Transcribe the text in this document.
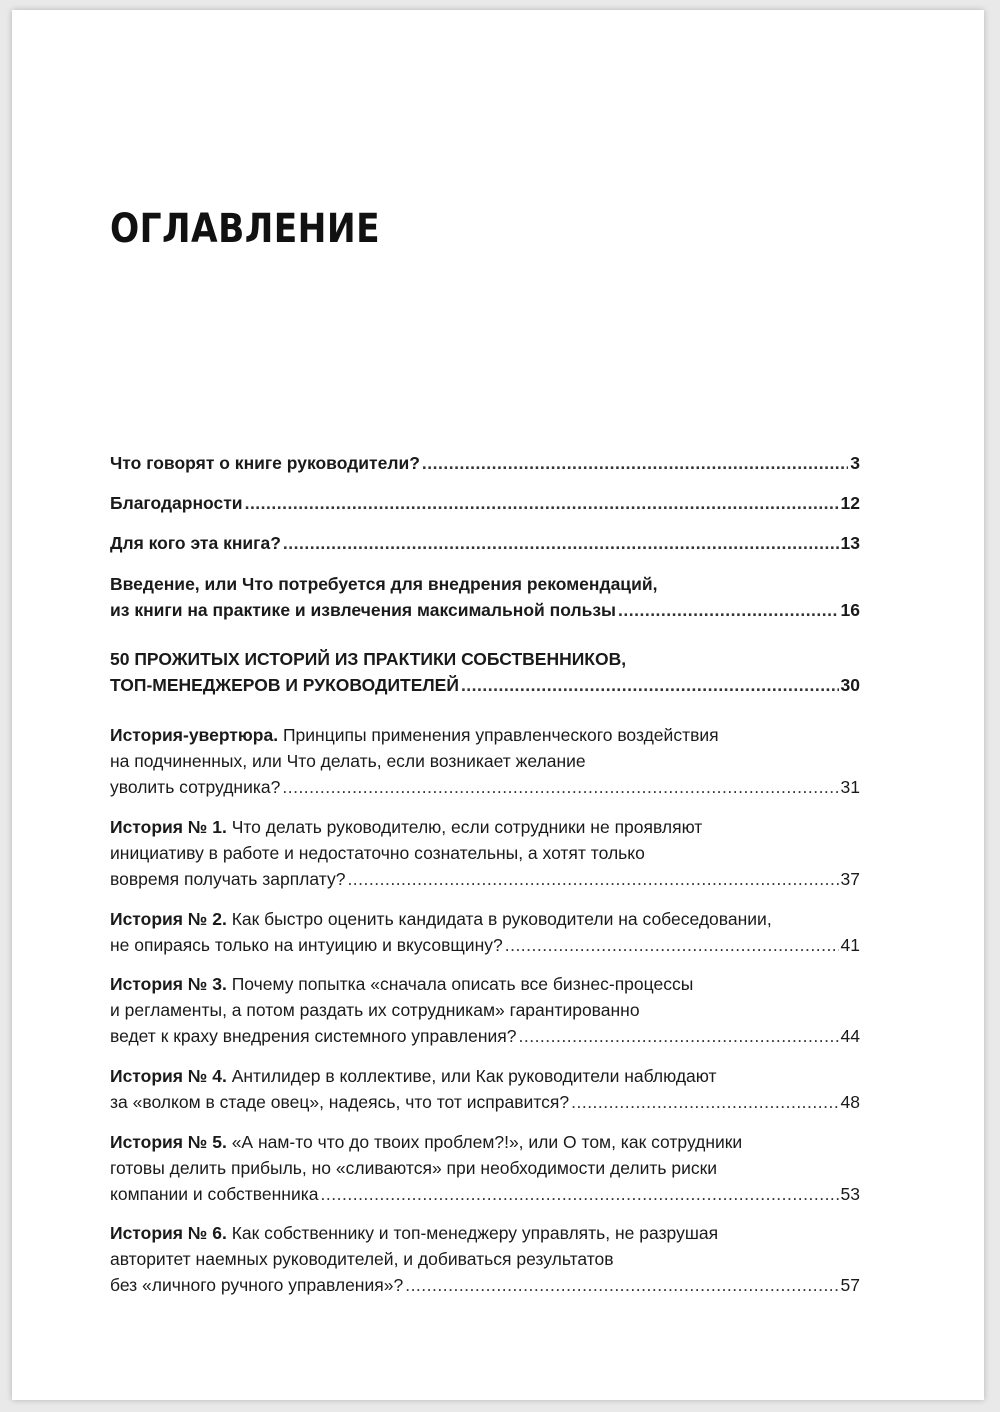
ОГЛАВЛЕНИЕ
Что говорят о книге руководители? .....	3
Благодарности .....	12
Для кого эта книга? .....	13
Введение, или Что потребуется для внедрения рекомендаций,
из книги на практике и извлечения максимальной пользы .....	16
50 ПРОЖИТЫХ ИСТОРИЙ ИЗ ПРАКТИКИ СОБСТВЕННИКОВ,
ТОП-МЕНЕДЖЕРОВ И РУКОВОДИТЕЛЕЙ .....	30
История-увертюра. Принципы применения управленческого воздействия
на подчиненных, или Что делать, если возникает желание
уволить сотрудника? .....	31
История № 1. Что делать руководителю, если сотрудники не проявляют
инициативу в работе и недостаточно сознательны, а хотят только
вовремя получать зарплату? .....	37
История № 2. Как быстро оценить кандидата в руководители на собеседовании,
не опираясь только на интуицию и вкусовщину? .....	41
История № 3. Почему попытка «сначала описать все бизнес-процессы
и регламенты, а потом раздать их сотрудникам» гарантированно
ведет к краху внедрения системного управления? .....	44
История № 4. Антилидер в коллективе, или Как руководители наблюдают
за «волком в стаде овец», надеясь, что тот исправится? .....	48
История № 5. «А нам-то что до твоих проблем?!», или О том, как сотрудники
готовы делить прибыль, но «сливаются» при необходимости делить риски
компании и собственника .....	53
История № 6. Как собственнику и топ-менеджеру управлять, не разрушая
авторитет наемных руководителей, и добиваться результатов
без «личного ручного управления»? .....	57
